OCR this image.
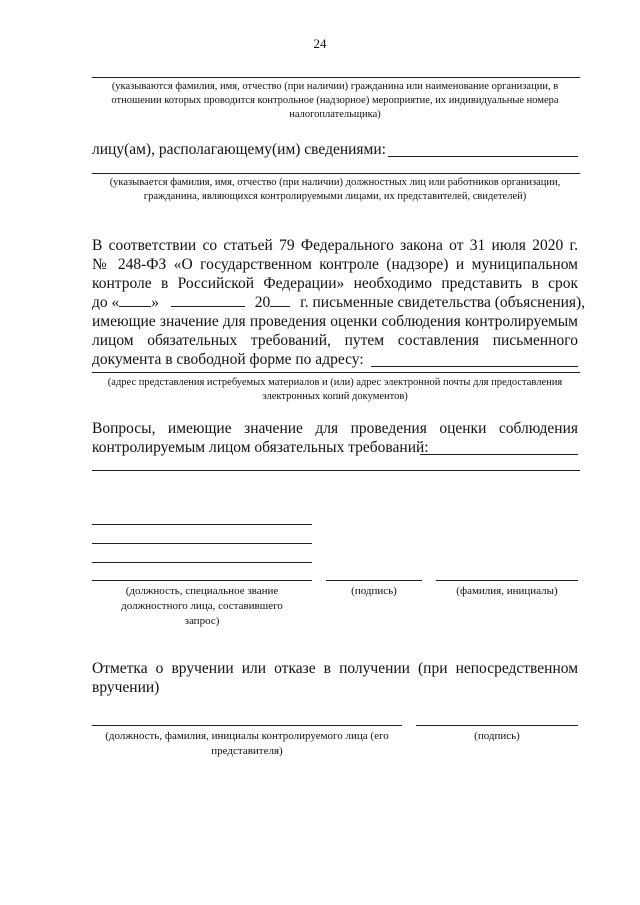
24
(указываются фамилия, имя, отчество (при наличии) гражданина или наименование организации, в отношении которых проводится контрольное (надзорное) мероприятие, их индивидуальные номера налогоплательщика)
лицу(ам), располагающему(им) сведениями:
(указывается фамилия, имя, отчество (при наличии) должностных лиц или работников организации, гражданина, являющихся контролируемыми лицами, их представителей, свидетелей)
В соответствии со статьей 79 Федерального закона от 31 июля 2020 г.
№ 248-ФЗ «О государственном контроле (надзоре) и муниципальном
контроле в Российской Федерации» необходимо представить в срок
до « »	20 г. письменные свидетельства (объяснения),
имеющие значение для проведения оценки соблюдения контролируемым
лицом обязательных требований, путем составления письменного
документа в свободной форме по адресу:
(адрес представления истребуемых материалов и (или) адрес электронной почты для предоставления электронных копий документов)
Вопросы, имеющие значение для проведения оценки соблюдения
контролируемым лицом обязательных требований:
(должность, специальное звание должностного лица, составившего запрос)
(подпись)	(фамилия, инициалы)
Отметка о вручении или отказе в получении (при непосредственном
вручении)
(должность, фамилия, инициалы контролируемого лица (его представителя)
(подпись)
